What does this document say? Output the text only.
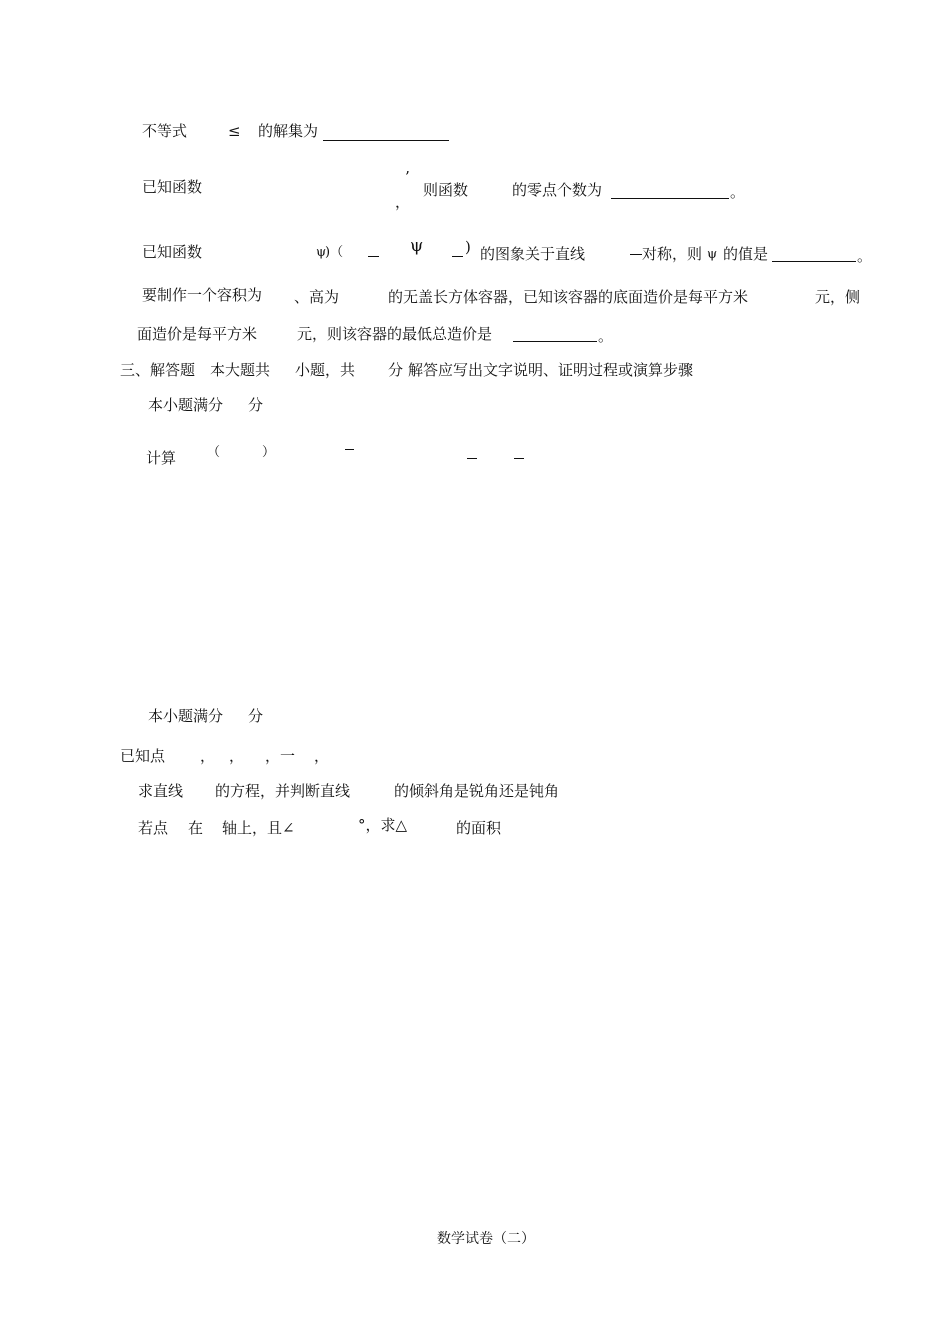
不等式	≤ 的解集为
已知函数
’
，
则函数	的零点个数为	。
已知函数	ψ
)（	ψ	) 的图象关于直线	对称，则 ψ 的值是	。
要制作一个容积为 、高为	的无盖长方体容器，已知该容器的底面造价是每平方米	元，侧
面造价是每平方米	元，则该容器的最低总造价是	。
三、解答题 本大题共 小题，共 分 解答应写出文字说明、证明过程或演算步骤
本小题满分 分
计算 （	）
本小题满分 分
已知点 ， ， ，一 ，
求直线 的方程，并判断直线	的倾斜角是锐角还是钝角
若点 在 轴上，且∠	°，求△	的面积
数学试卷（二）
